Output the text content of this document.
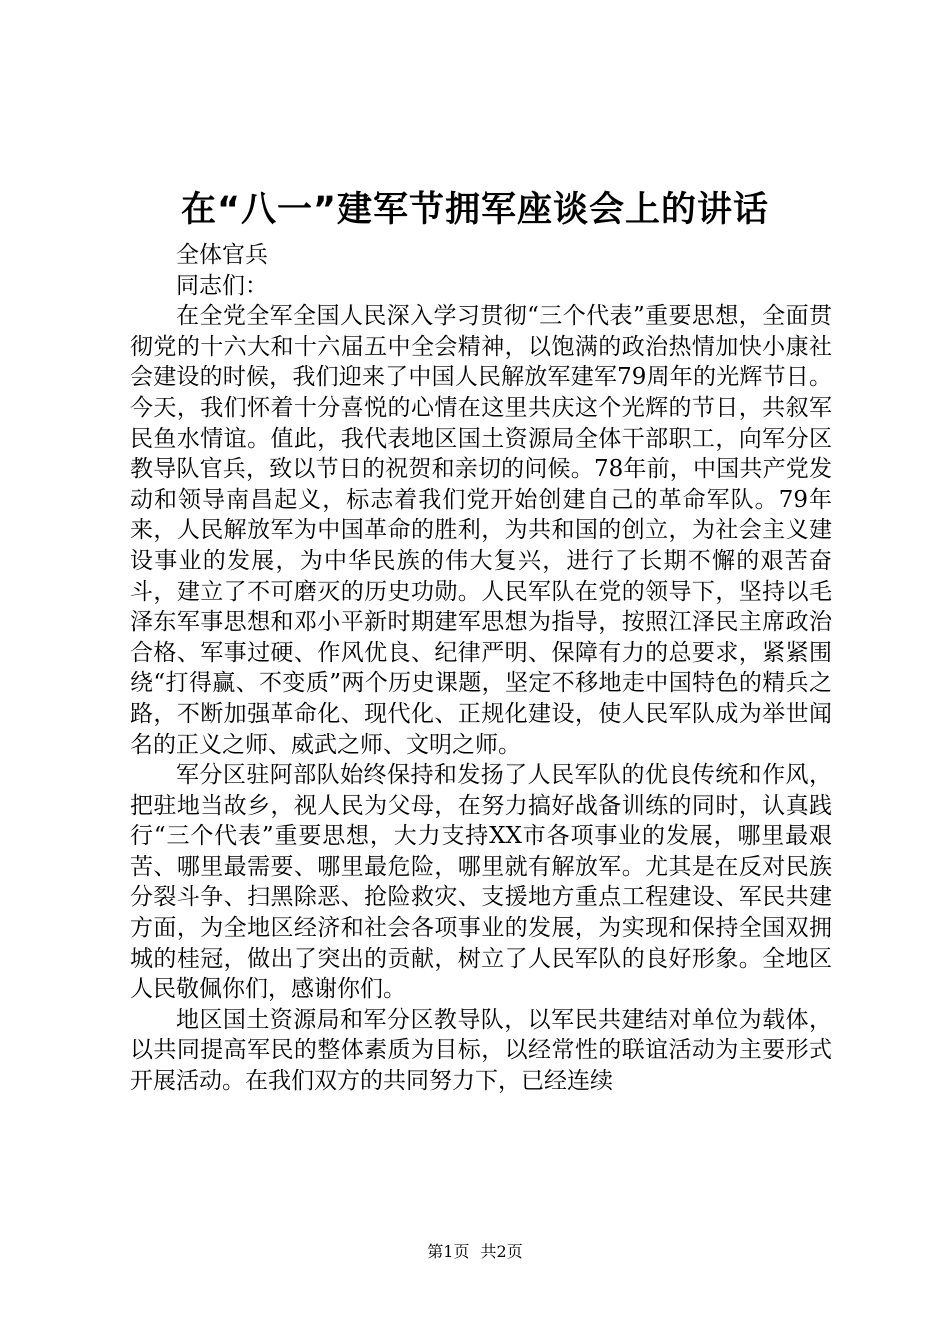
在“八一”建军节拥军座谈会上的讲话

全体官兵

同志们：

在全党全军全国人民深入学习贯彻“三个代表”重要思想，全面贯彻党的十六大和十六届五中全会精神，以饱满的政治热情加快小康社会建设的时候，我们迎来了中国人民解放军建军79周年的光辉节日。今天，我们怀着十分喜悦的心情在这里共庆这个光辉的节日，共叙军民鱼水情谊。值此，我代表地区国土资源局全体干部职工，向军分区教导队官兵，致以节日的祝贺和亲切的问候。78年前，中国共产党发动和领导南昌起义，标志着我们党开始创建自己的革命军队。79年来，人民解放军为中国革命的胜利，为共和国的创立，为社会主义建设事业的发展，为中华民族的伟大复兴，进行了长期不懈的艰苦奋斗，建立了不可磨灭的历史功勋。人民军队在党的领导下，坚持以毛泽东军事思想和邓小平新时期建军思想为指导，按照江泽民主席政治合格、军事过硬、作风优良、纪律严明、保障有力的总要求，紧紧围绕“打得赢、不变质”两个历史课题，坚定不移地走中国特色的精兵之路，不断加强革命化、现代化、正规化建设，使人民军队成为举世闻名的正义之师、威武之师、文明之师。

军分区驻阿部队始终保持和发扬了人民军队的优良传统和作风，把驻地当故乡，视人民为父母，在努力搞好战备训练的同时，认真践行“三个代表”重要思想，大力支持XX市各项事业的发展，哪里最艰苦、哪里最需要、哪里最危险，哪里就有解放军。尤其是在反对民族分裂斗争、扫黑除恶、抢险救灾、支援地方重点工程建设、军民共建方面，为全地区经济和社会各项事业的发展，为实现和保持全国双拥城的桂冠，做出了突出的贡献，树立了人民军队的良好形象。全地区人民敬佩你们，感谢你们。

地区国土资源局和军分区教导队，以军民共建结对单位为载体，以共同提高军民的整体素质为目标，以经常性的联谊活动为主要形式开展活动。在我们双方的共同努力下，已经连续

第1页 共2页
